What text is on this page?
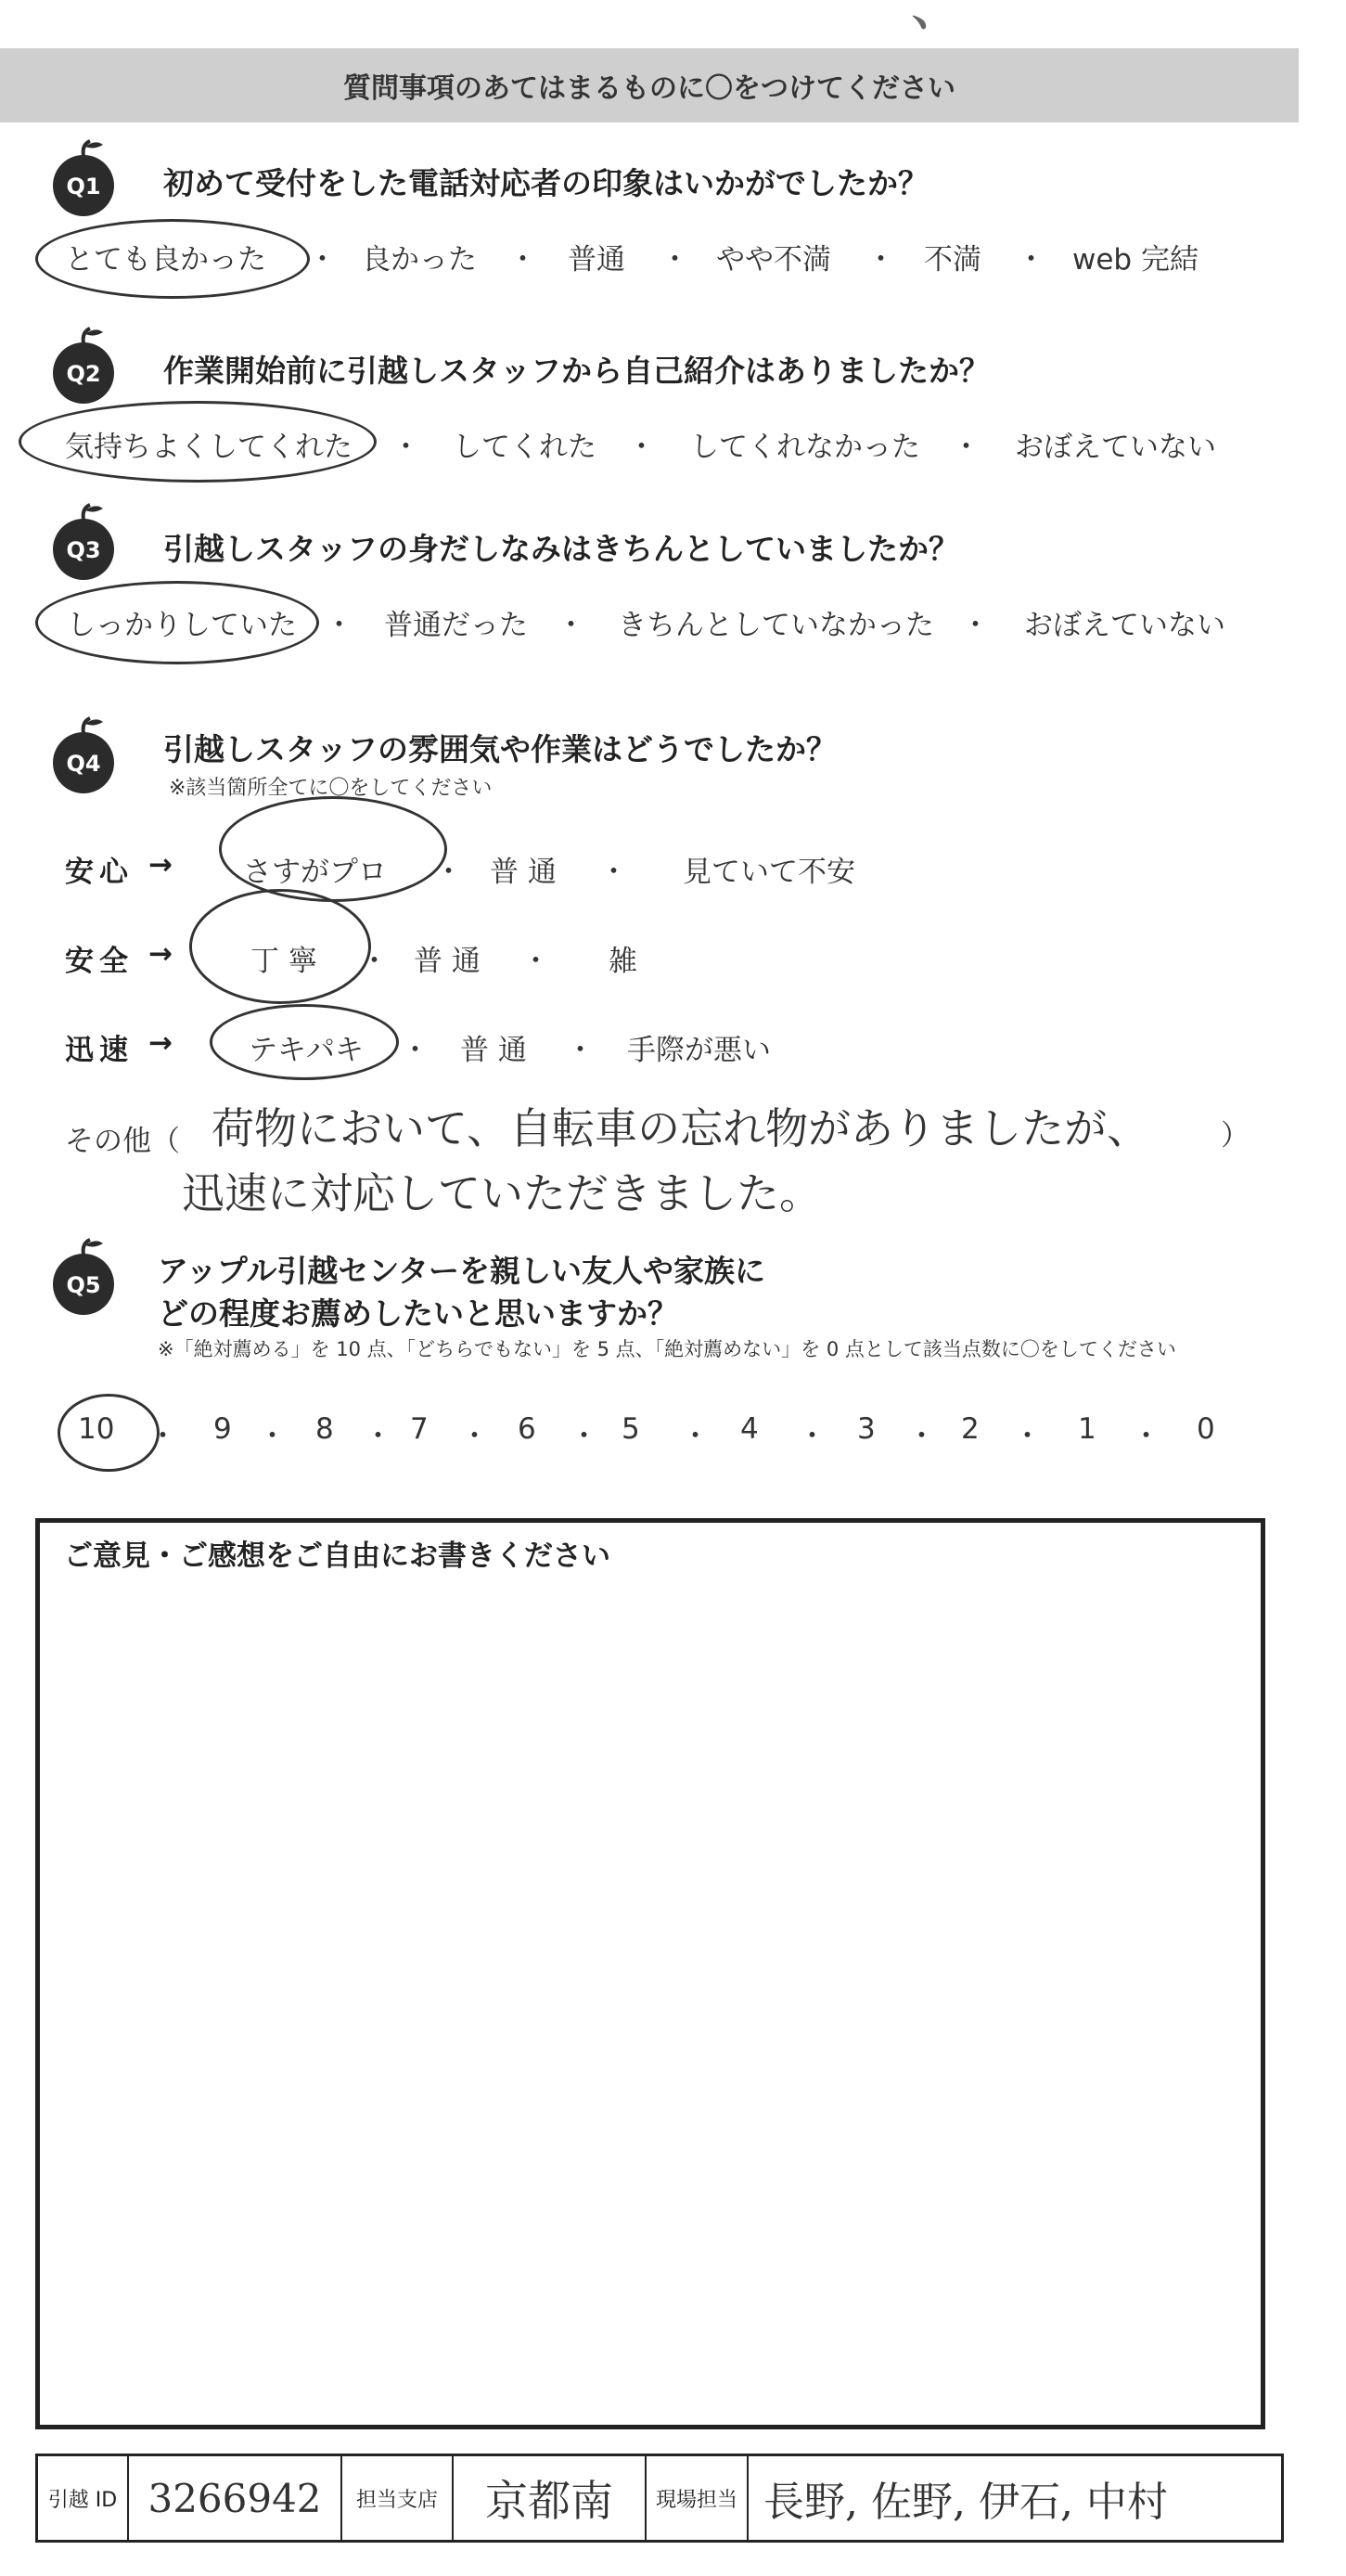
﹅
質問事項のあてはまるものに〇をつけてください
Q1 初めて受付をした電話対応者の印象はいかがでしたか？
とても良かった ・ 良かった ・ 普通 ・ やや不満 ・ 不満 ・ web 完結
Q2 作業開始前に引越しスタッフから自己紹介はありましたか？
気持ちよくしてくれた ・ してくれた ・ してくれなかった ・ おぼえていない
Q3 引越しスタッフの身だしなみはきちんとしていましたか？
しっかりしていた ・ 普通だった ・ きちんとしていなかった ・ おぼえていない
Q4 引越しスタッフの雰囲気や作業はどうでしたか？
※該当箇所全てに〇をしてください
安心 → さすがプロ ・ 普 通 ・ 見ていて不安
安全 →	丁 寧 ・ 普 通 ・ 雑
迅速 → テキパキ ・ 普 通 ・ 手際が悪い
その他（ 荷物において、自転車の忘れ物がありましたが、 ）
迅速に対応していただきました。
Q5 アップル引越センターを親しい友人や家族に
どの程度お薦めしたいと思いますか？
※「絶対薦める」を 10 点、「どちらでもない」を 5 点、「絶対薦めない」を 0 点として該当点数に〇をしてください
10 ・ 9 ・ 8 ・ 7 ・ 6 ・ 5 ・ 4 ・ 3 ・ 2 ・ 1 ・ 0
ご意見・ご感想をご自由にお書きください
引越 ID 3266942 担当支店 京都南 現場担当 長野, 佐野, 伊石, 中村
